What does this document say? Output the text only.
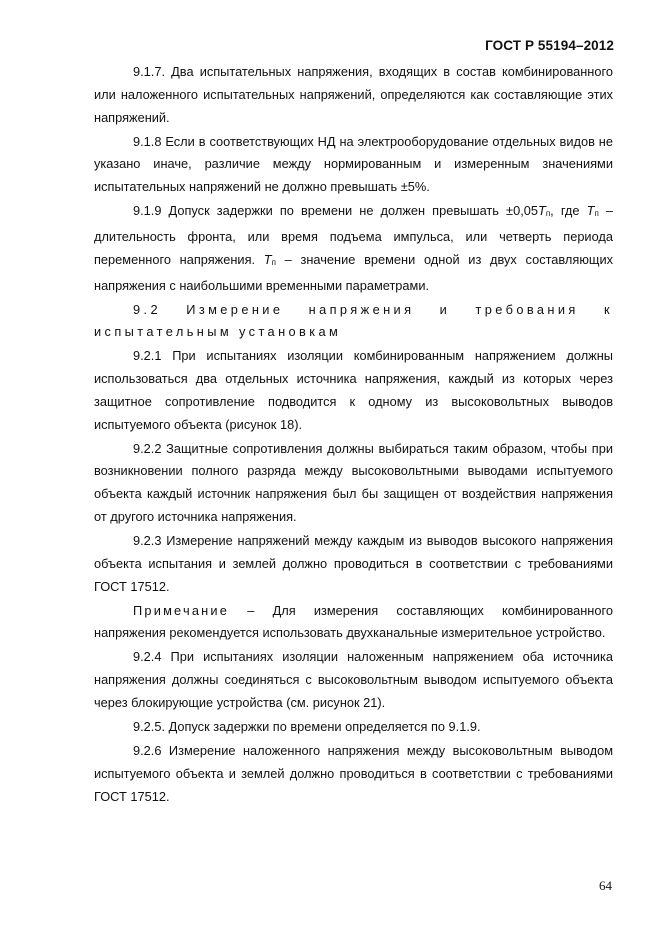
ГОСТ Р 55194–2012

9.1.7. Два испытательных напряжения, входящих в состав комбинированного или наложенного испытательных напряжений, определяются как составляющие этих напряжений.

9.1.8 Если в соответствующих НД на электрооборудование отдельных видов не указано иначе, различие между нормированным и измеренным значениями испытательных напряжений не должно превышать ±5%.

9.1.9 Допуск задержки по времени не должен превышать $\pm 0,05T_п$, где $T_п$ – длительность фронта, или время подъема импульса, или четверть периода переменного напряжения. $T_п$ – значение времени одной из двух составляющих напряжения с наибольшими временными параметрами.

9.2 Измерение напряжения и требования к испытательным установкам

9.2.1 При испытаниях изоляции комбинированным напряжением должны использоваться два отдельных источника напряжения, каждый из которых через защитное сопротивление подводится к одному из высоковольтных выводов испытуемого объекта (рисунок 18).

9.2.2 Защитные сопротивления должны выбираться таким образом, чтобы при возникновении полного разряда между высоковольтными выводами испытуемого объекта каждый источник напряжения был бы защищен от воздействия напряжения от другого источника напряжения.

9.2.3 Измерение напряжений между каждым из выводов высокого напряжения объекта испытания и землей должно проводиться в соответствии с требованиями ГОСТ 17512.

Примечание – Для измерения составляющих комбинированного напряжения рекомендуется использовать двухканальные измерительное устройство.

9.2.4 При испытаниях изоляции наложенным напряжением оба источника напряжения должны соединяться с высоковольтным выводом испытуемого объекта через блокирующие устройства (см. рисунок 21).

9.2.5. Допуск задержки по времени определяется по 9.1.9.

9.2.6 Измерение наложенного напряжения между высоковольтным выводом испытуемого объекта и землей должно проводиться в соответствии с требованиями ГОСТ 17512.

64
